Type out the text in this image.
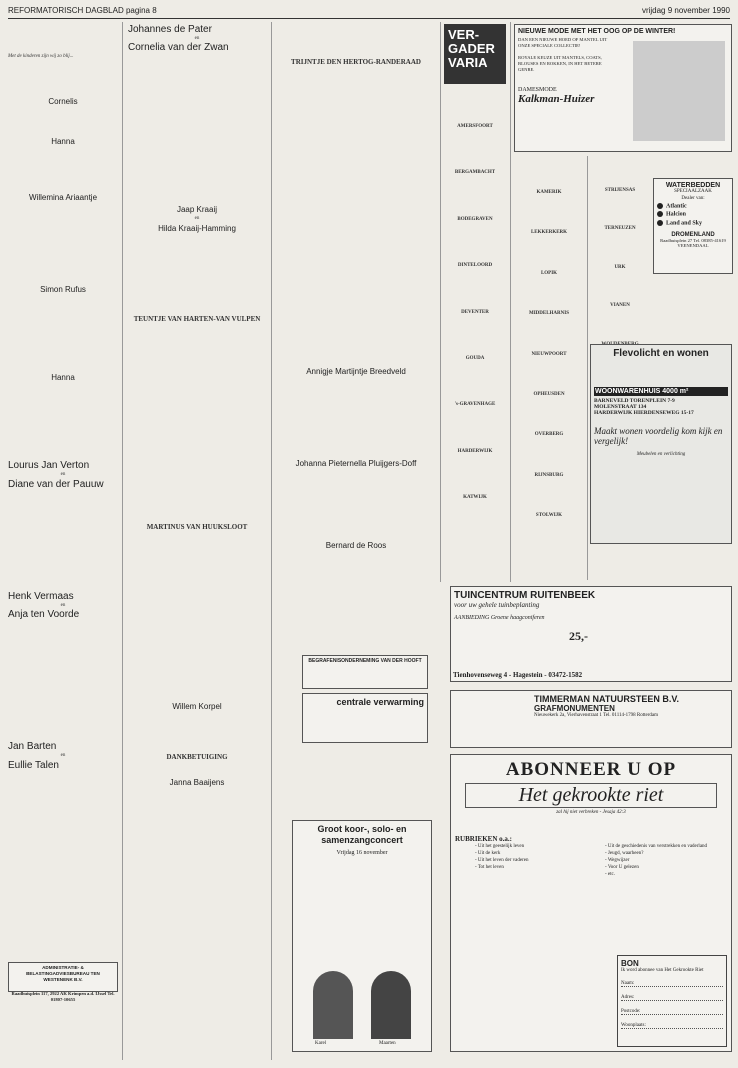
REFORMATORISCH DAGBLAD pagina 8	vrijdag 9 november 1990
Met de kinderen zijn wij zo blij...
Cornelis
Hanna
Willemina Ariaantje
Simon Rufus
Hanna
Lourus Jan Verton
en
Diane van der Pauuw
Henk Vermaas
en
Anja ten Voorde
Jan Barten
en
Eullie Talen
ADMINISTRATIE- & BELASTINGADVIESBUREAU TEN WESTENENK B.V.
Raadhuisplein 117, 2922 AK Krimpen a.d. IJssel Tel. 01807-10655
Johannes de Pater
en
Cornelia van der Zwan
Jaap Kraaij
en
Hilda Kraaij-Hamming
TEUNTJE VAN HARTEN-VAN VULPEN
MARTINUS VAN HUUKSLOOT
Willem Korpel
DANKBETUIGING
Janna Baaijens
TRIJNTJE DEN HERTOG-RANDERAAD
Annigje Martijntje Breedveld
Johanna Pieternella Pluijgers-Doff
Bernard de Roos
BEGRAFENISONDERNEMING VAN DER HOOFT
centrale verwarming
Groot koor-, solo- en samenzangconcert
Vrijdag 16 november
Karel	Maarten
VER-GADER VARIA
AMERSFOORT
BERGAMBACHT
BODEGRAVEN
DINTELOORD
DEVENTER
GOUDA
's-GRAVENHAGE
HARDERWIJK
KATWIJK
NIEUWE MODE MET HET OOG OP DE WINTER!
DAN EEN NIEUWE HOED OF MANTEL UIT ONZE SPECIALE COLLECTIE!
ROYALE KEUZE UIT MANTELS, COATS, BLOUSES EN ROKKEN, IN HET BETERE GENRE.
DAMESMODE
Kalkman-Huizer
KAMERIK
LEKKERKERK
LOPIK
MIDDELHARNIS
NIEUWPOORT
OPHEUSDEN
OVERBERG
RIJNSBURG
STOLWIJK
STRIJENSAS
TERNEUZEN
URK
VIANEN
WATERBEDDEN
SPECIAALZAAK
Dealer van:
Atlantic
Halcion
Land and Sky
DROMENLAND
Raadhuisplein 27 Tel. 08385-41619 VEENENDAAL
Flevolicht en wonen
WOONWARENHUIS 4000 m²
BARNEVELD TORENPLEIN 7-9
MOLENSTRAAT 134
HARDERWIJK HIERDENSEWEG 15-17
Maakt wonen voordelig kom kijk en vergelijk!
Meubelen en verlichting
TUINCENTRUM RUITENBEEK
voor uw gehele tuinbeplanting
AANBIEDING Groene haagconiferen
25,-
Tienhovenseweg 4 - Hagestein - 03472-1582
TIMMERMAN NATUURSTEEN B.V.
GRAFMONUMENTEN
Nieuwekerk 2a, Vierhavenstraat 1 Tel. 01114-1798 Rotterdam
ABONNEER U OP
Het gekrookte riet
zal hij niet verbreken - Jesaja 42:3
RUBRIEKEN o.a.:
- Uit het geestelijk leven
- Uit de kerk
- Uit het leven der vaderen
- Tot het leven
- Uit de geschiedenis van verstrekken en vaderland
- Jeugd, waarheen?
- Wegwijzer
- Voor U gelezen
- etc.
BON
Ik word abonnee van Het Gekrookte Riet
Naam:
Adres:
Postcode:
Woonplaats:
